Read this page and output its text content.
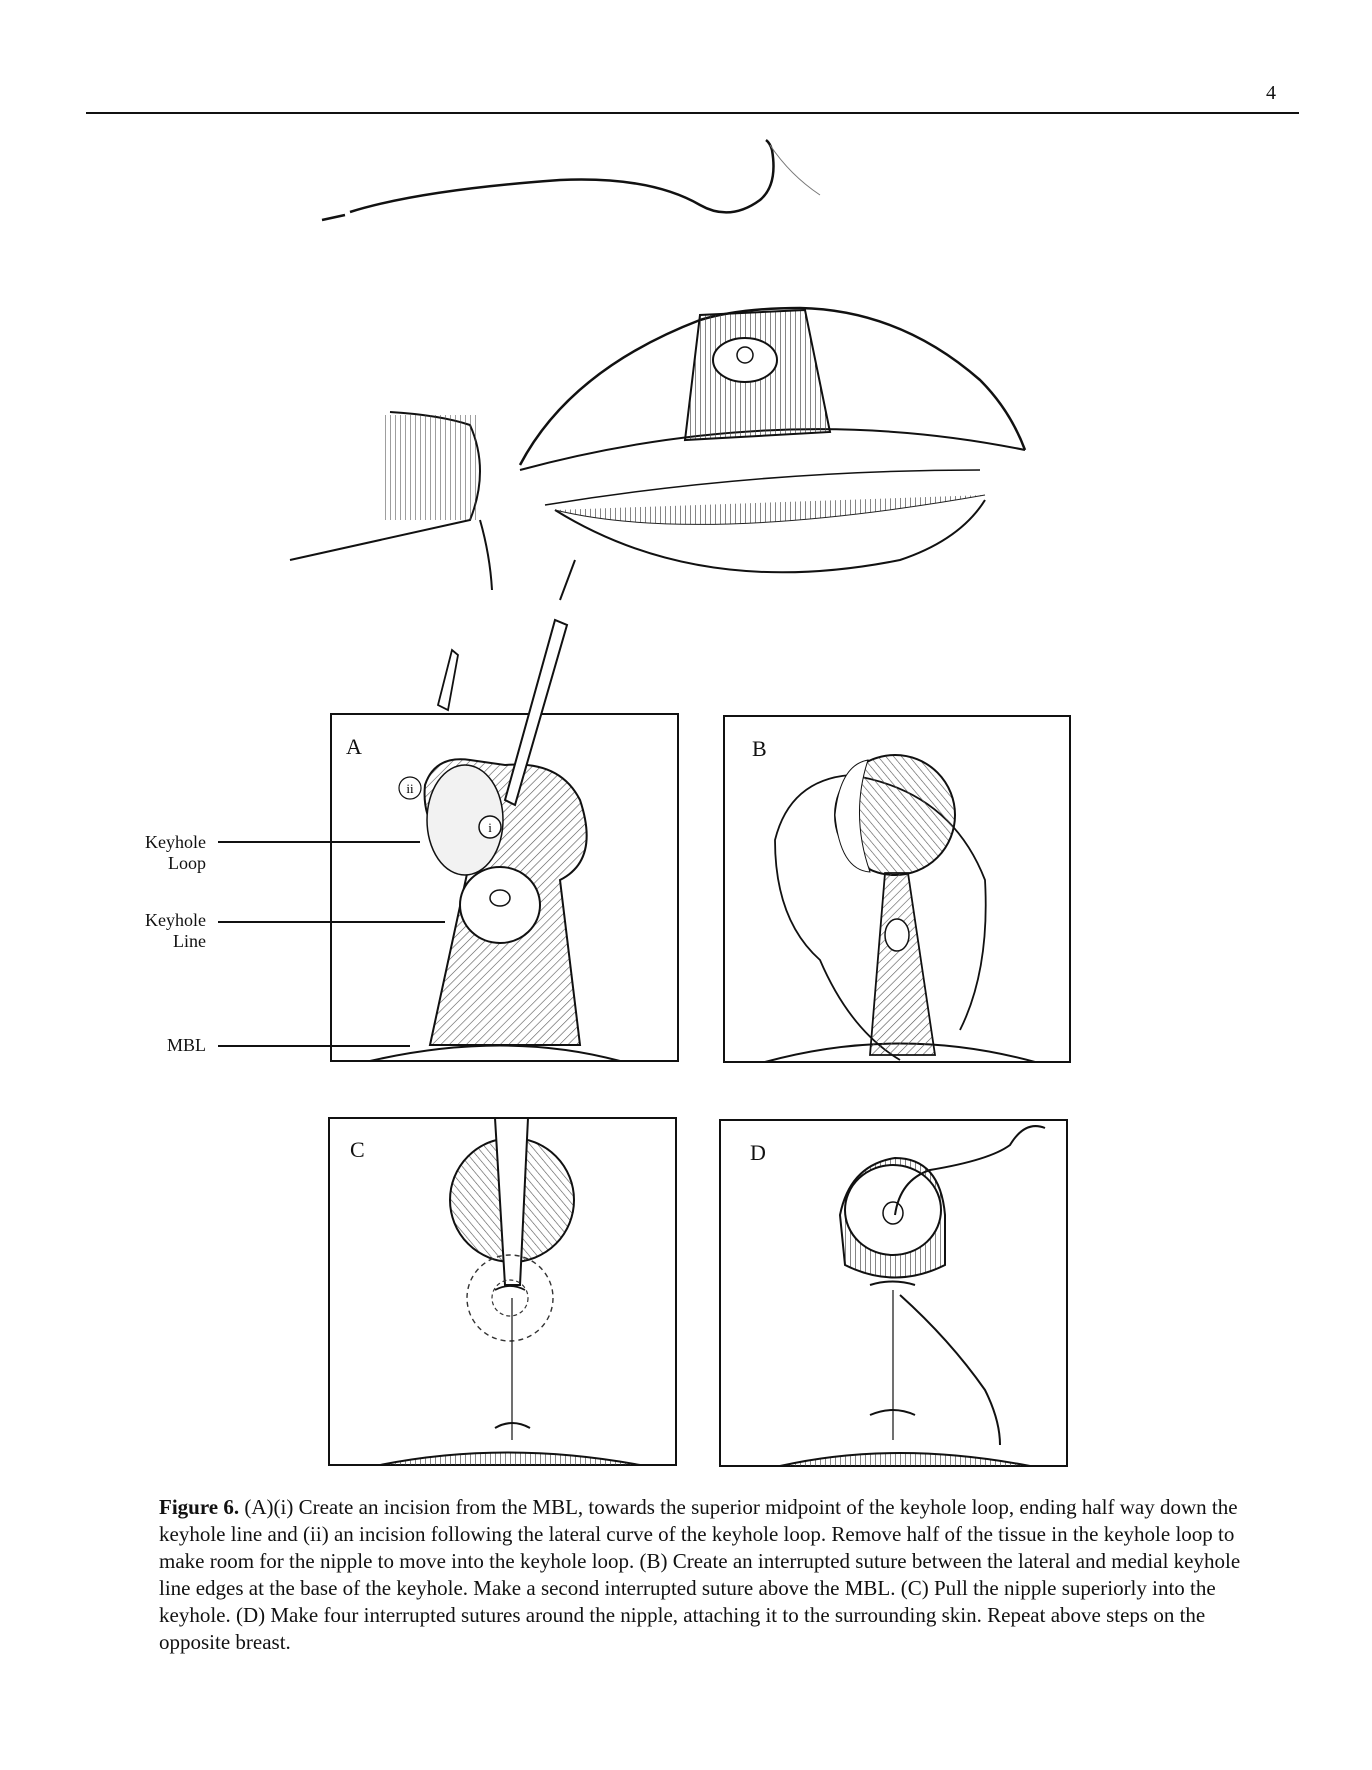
4
ii
i
A	B
C	D
Keyhole
Loop
Keyhole
Line
MBL
Figure 6. (A)(i) Create an incision from the MBL, towards the superior midpoint of the keyhole loop, ending half way down the keyhole line and (ii) an incision following the lateral curve of the keyhole loop. Remove half of the tissue in the keyhole loop to make room for the nipple to move into the keyhole loop. (B) Create an interrupted suture between the lateral and medial keyhole line edges at the base of the keyhole. Make a second interrupted suture above the MBL. (C) Pull the nipple superiorly into the keyhole. (D) Make four interrupted sutures around the nipple, attaching it to the surrounding skin. Repeat above steps on the opposite breast.
